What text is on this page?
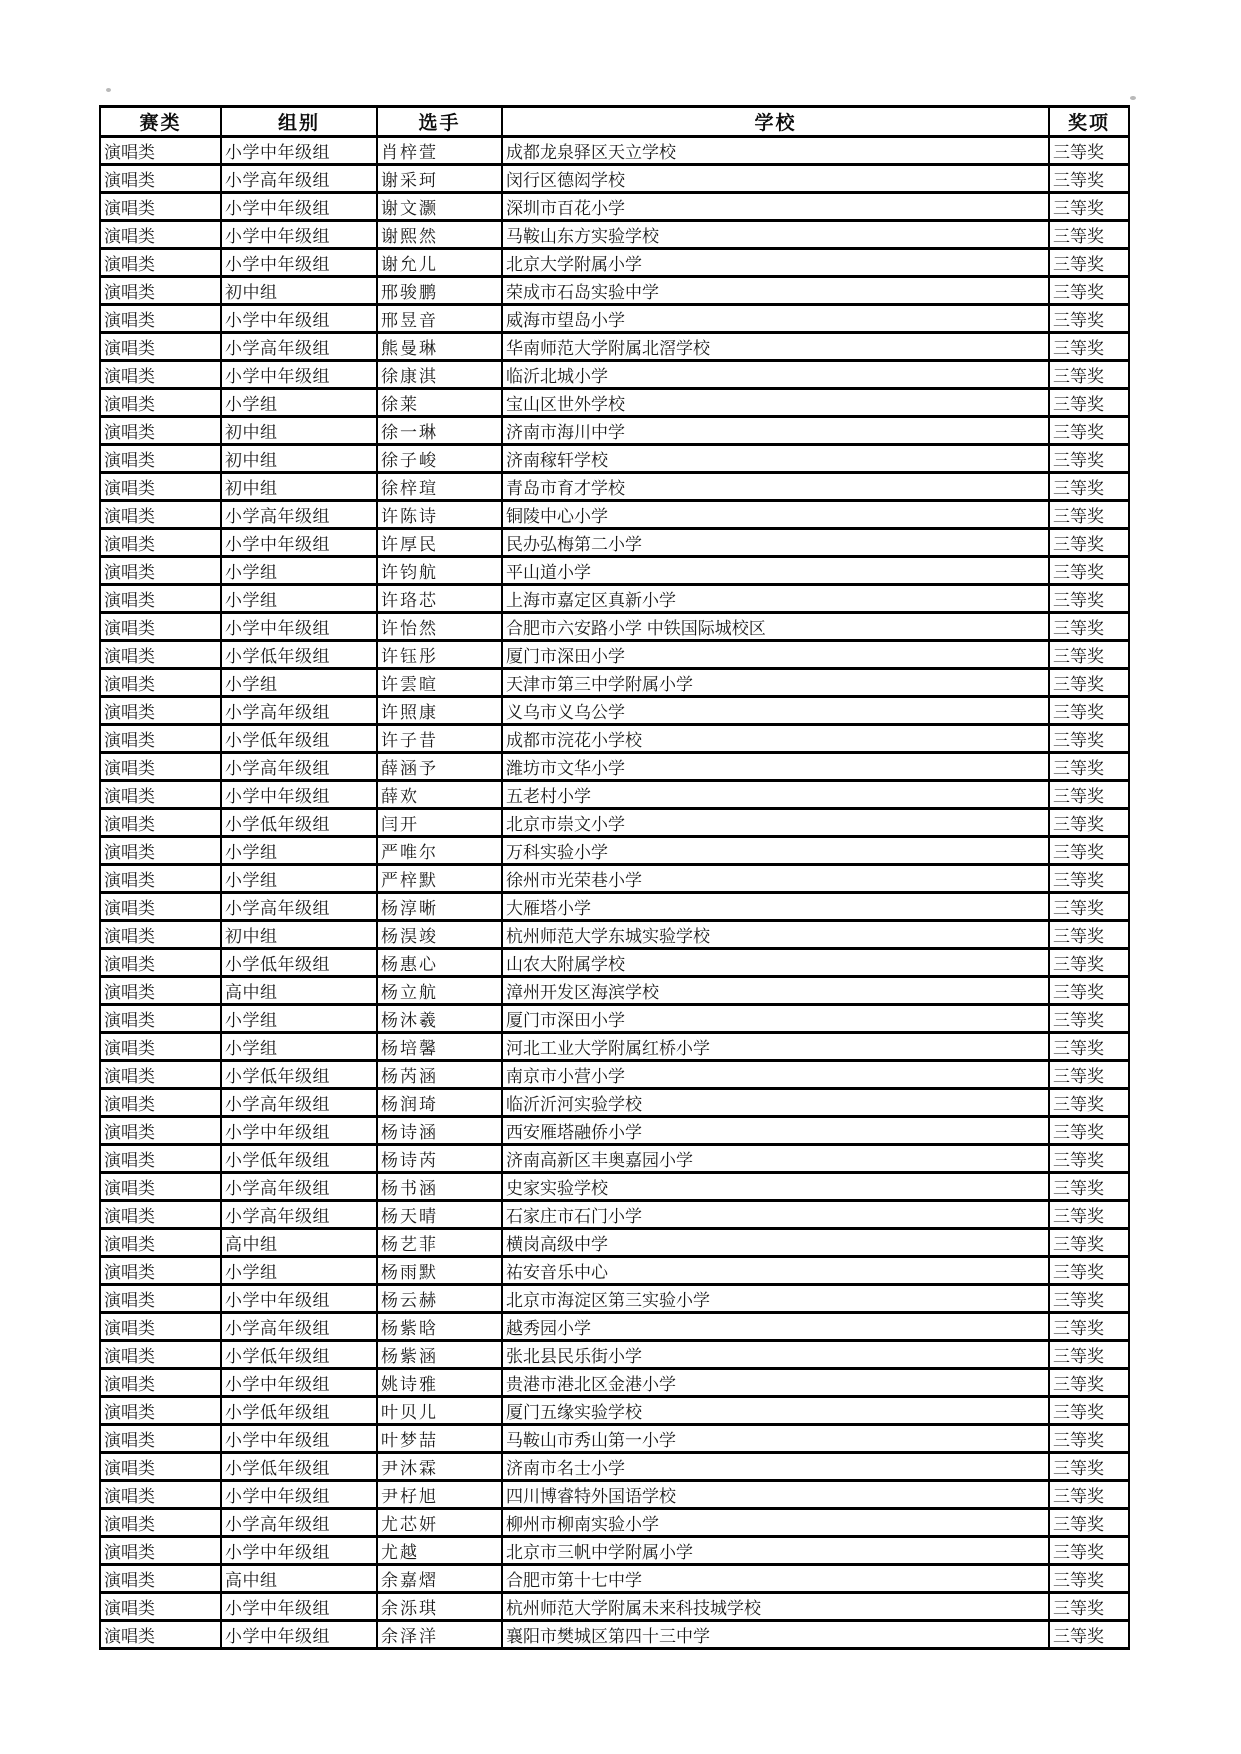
赛类	组别	选手	学校	奖项
演唱类	小学中年级组	肖梓萱	成都龙泉驿区天立学校	三等奖
演唱类	小学高年级组	谢采珂	闵行区德闳学校	三等奖
演唱类	小学中年级组	谢文灏	深圳市百花小学	三等奖
演唱类	小学中年级组	谢熙然	马鞍山东方实验学校	三等奖
演唱类	小学中年级组	谢允儿	北京大学附属小学	三等奖
演唱类	初中组	邢骏鹏	荣成市石岛实验中学	三等奖
演唱类	小学中年级组	邢昱音	威海市望岛小学	三等奖
演唱类	小学高年级组	熊曼琳	华南师范大学附属北滘学校	三等奖
演唱类	小学中年级组	徐康淇	临沂北城小学	三等奖
演唱类	小学组	徐莱	宝山区世外学校	三等奖
演唱类	初中组	徐一琳	济南市海川中学	三等奖
演唱类	初中组	徐子峻	济南稼轩学校	三等奖
演唱类	初中组	徐梓瑄	青岛市育才学校	三等奖
演唱类	小学高年级组	许陈诗	铜陵中心小学	三等奖
演唱类	小学中年级组	许厚民	民办弘梅第二小学	三等奖
演唱类	小学组	许钧航	平山道小学	三等奖
演唱类	小学组	许珞芯	上海市嘉定区真新小学	三等奖
演唱类	小学中年级组	许怡然	合肥市六安路小学 中铁国际城校区	三等奖
演唱类	小学低年级组	许钰彤	厦门市深田小学	三等奖
演唱类	小学组	许雲暄	天津市第三中学附属小学	三等奖
演唱类	小学高年级组	许照康	义乌市义乌公学	三等奖
演唱类	小学低年级组	许子昔	成都市浣花小学校	三等奖
演唱类	小学高年级组	薛涵予	潍坊市文华小学	三等奖
演唱类	小学中年级组	薛欢	五老村小学	三等奖
演唱类	小学低年级组	闫开	北京市崇文小学	三等奖
演唱类	小学组	严唯尔	万科实验小学	三等奖
演唱类	小学组	严梓默	徐州市光荣巷小学	三等奖
演唱类	小学高年级组	杨淳晰	大雁塔小学	三等奖
演唱类	初中组	杨淏竣	杭州师范大学东城实验学校	三等奖
演唱类	小学低年级组	杨惠心	山农大附属学校	三等奖
演唱类	高中组	杨立航	漳州开发区海滨学校	三等奖
演唱类	小学组	杨沐羲	厦门市深田小学	三等奖
演唱类	小学组	杨培馨	河北工业大学附属红桥小学	三等奖
演唱类	小学低年级组	杨芮涵	南京市小营小学	三等奖
演唱类	小学高年级组	杨润琦	临沂沂河实验学校	三等奖
演唱类	小学中年级组	杨诗涵	西安雁塔融侨小学	三等奖
演唱类	小学低年级组	杨诗芮	济南高新区丰奥嘉园小学	三等奖
演唱类	小学高年级组	杨书涵	史家实验学校	三等奖
演唱类	小学高年级组	杨天晴	石家庄市石门小学	三等奖
演唱类	高中组	杨艺菲	横岗高级中学	三等奖
演唱类	小学组	杨雨默	祐安音乐中心	三等奖
演唱类	小学中年级组	杨云赫	北京市海淀区第三实验小学	三等奖
演唱类	小学高年级组	杨紫晗	越秀园小学	三等奖
演唱类	小学低年级组	杨紫涵	张北县民乐街小学	三等奖
演唱类	小学中年级组	姚诗雅	贵港市港北区金港小学	三等奖
演唱类	小学低年级组	叶贝儿	厦门五缘实验学校	三等奖
演唱类	小学中年级组	叶梦喆	马鞍山市秀山第一小学	三等奖
演唱类	小学低年级组	尹沐霖	济南市名士小学	三等奖
演唱类	小学中年级组	尹杍旭	四川博睿特外国语学校	三等奖
演唱类	小学高年级组	尤芯妍	柳州市柳南实验小学	三等奖
演唱类	小学中年级组	尤越	北京市三帆中学附属小学	三等奖
演唱类	高中组	余嘉熠	合肥市第十七中学	三等奖
演唱类	小学中年级组	余泺琪	杭州师范大学附属未来科技城学校	三等奖
演唱类	小学中年级组	余泽洋	襄阳市樊城区第四十三中学	三等奖
